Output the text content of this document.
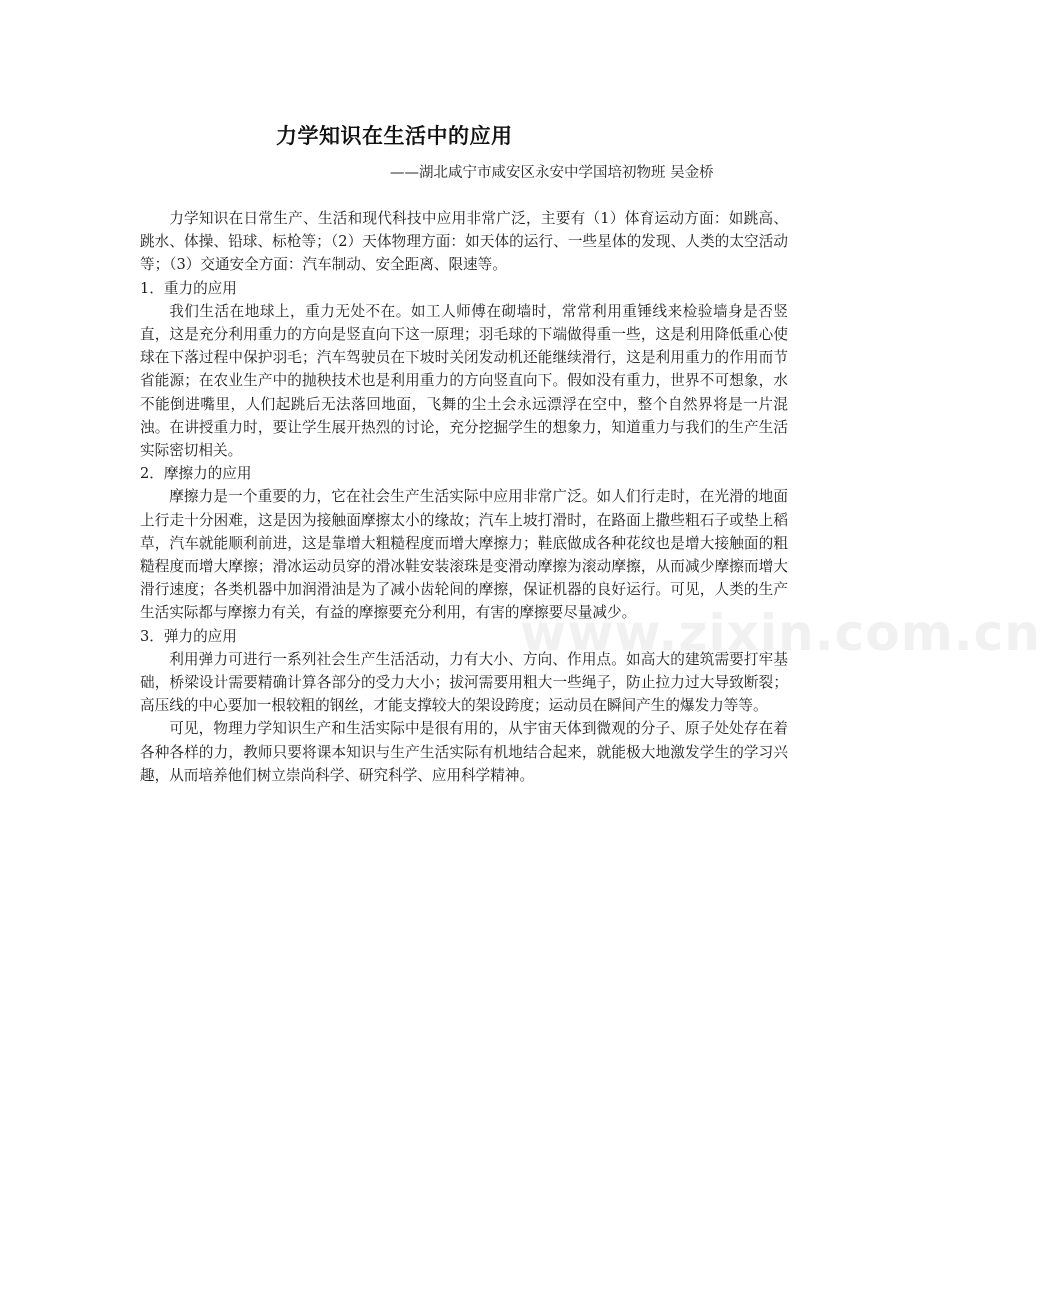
力学知识在生活中的应用
——湖北咸宁市咸安区永安中学国培初物班 吴金桥

力学知识在日常生产、生活和现代科技中应用非常广泛，主要有（1）体育运动方面：如跳高、跳水、体操、铅球、标枪等；（2）天体物理方面：如天体的运行、一些星体的发现、人类的太空活动等；（3）交通安全方面：汽车制动、安全距离、限速等。

1．重力的应用

我们生活在地球上，重力无处不在。如工人师傅在砌墙时，常常利用重锤线来检验墙身是否竖直，这是充分利用重力的方向是竖直向下这一原理；羽毛球的下端做得重一些，这是利用降低重心使球在下落过程中保护羽毛；汽车驾驶员在下坡时关闭发动机还能继续滑行，这是利用重力的作用而节省能源；在农业生产中的抛秧技术也是利用重力的方向竖直向下。假如没有重力，世界不可想象，水不能倒进嘴里，人们起跳后无法落回地面，飞舞的尘土会永远漂浮在空中，整个自然界将是一片混浊。在讲授重力时，要让学生展开热烈的讨论，充分挖掘学生的想象力，知道重力与我们的生产生活实际密切相关。

2．摩擦力的应用

摩擦力是一个重要的力，它在社会生产生活实际中应用非常广泛。如人们行走时，在光滑的地面上行走十分困难，这是因为接触面摩擦太小的缘故；汽车上坡打滑时，在路面上撒些粗石子或垫上稻草，汽车就能顺利前进，这是靠增大粗糙程度而增大摩擦力；鞋底做成各种花纹也是增大接触面的粗糙程度而增大摩擦；滑冰运动员穿的滑冰鞋安装滚珠是变滑动摩擦为滚动摩擦，从而减少摩擦而增大滑行速度；各类机器中加润滑油是为了减小齿轮间的摩擦，保证机器的良好运行。可见，人类的生产生活实际都与摩擦力有关，有益的摩擦要充分利用，有害的摩擦要尽量减少。

3．弹力的应用

利用弹力可进行一系列社会生产生活活动，力有大小、方向、作用点。如高大的建筑需要打牢基础，桥梁设计需要精确计算各部分的受力大小；拔河需要用粗大一些绳子，防止拉力过大导致断裂；高压线的中心要加一根较粗的钢丝，才能支撑较大的架设跨度；运动员在瞬间产生的爆发力等等。

可见，物理力学知识生产和生活实际中是很有用的，从宇宙天体到微观的分子、原子处处存在着各种各样的力，教师只要将课本知识与生产生活实际有机地结合起来，就能极大地激发学生的学习兴趣，从而培养他们树立崇尚科学、研究科学、应用科学精神。

www.zixin.com.cn
